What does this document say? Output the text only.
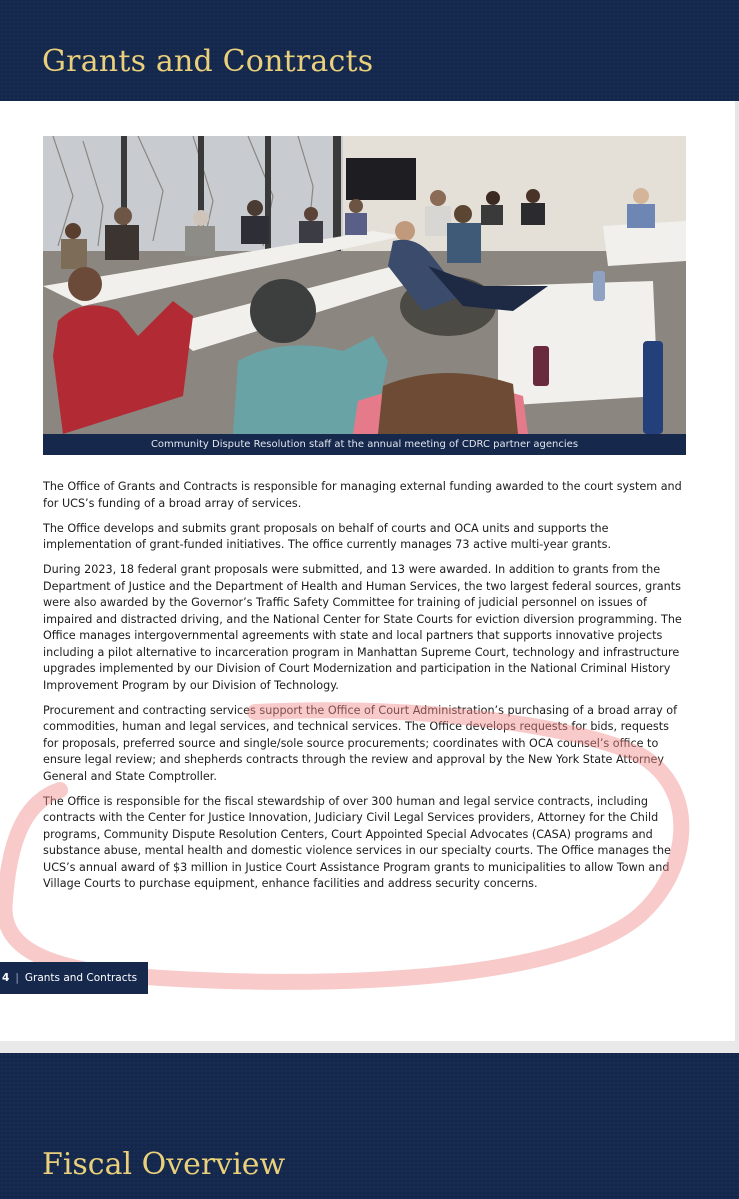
Grants and Contracts
Community Dispute Resolution staff at the annual meeting of CDRC partner agencies

The Office of Grants and Contracts is responsible for managing external funding awarded to the court system and for UCS’s funding of a broad array of services.

The Office develops and submits grant proposals on behalf of courts and OCA units and supports the implementation of grant-funded initiatives. The office currently manages 73 active multi-year grants.

During 2023, 18 federal grant proposals were submitted, and 13 were awarded. In addition to grants from the Department of Justice and the Department of Health and Human Services, the two largest federal sources, grants were also awarded by the Governor’s Traffic Safety Committee for training of judicial personnel on issues of impaired and distracted driving, and the National Center for State Courts for eviction diversion programming. The Office manages intergovernmental agreements with state and local partners that supports innovative projects including a pilot alternative to incarceration program in Manhattan Supreme Court, technology and infrastructure upgrades implemented by our Division of Court Modernization and participation in the National Criminal History Improvement Program by our Division of Technology.

Procurement and contracting services support the Office of Court Administration’s purchasing of a broad array of commodities, human and legal services, and technical services. The Office develops requests for bids, requests for proposals, preferred source and single/sole source procurements; coordinates with OCA counsel’s office to ensure legal review; and shepherds contracts through the review and approval by the New York State Attorney General and State Comptroller.

The Office is responsible for the fiscal stewardship of over 300 human and legal service contracts, including contracts with the Center for Justice Innovation, Judiciary Civil Legal Services providers, Attorney for the Child programs, Community Dispute Resolution Centers, Court Appointed Special Advocates (CASA) programs and substance abuse, mental health and domestic violence services in our specialty courts. The Office manages the UCS’s annual award of $3 million in Justice Court Assistance Program grants to municipalities to allow Town and Village Courts to purchase equipment, enhance facilities and address security concerns.

4 | Grants and Contracts
Fiscal Overview
